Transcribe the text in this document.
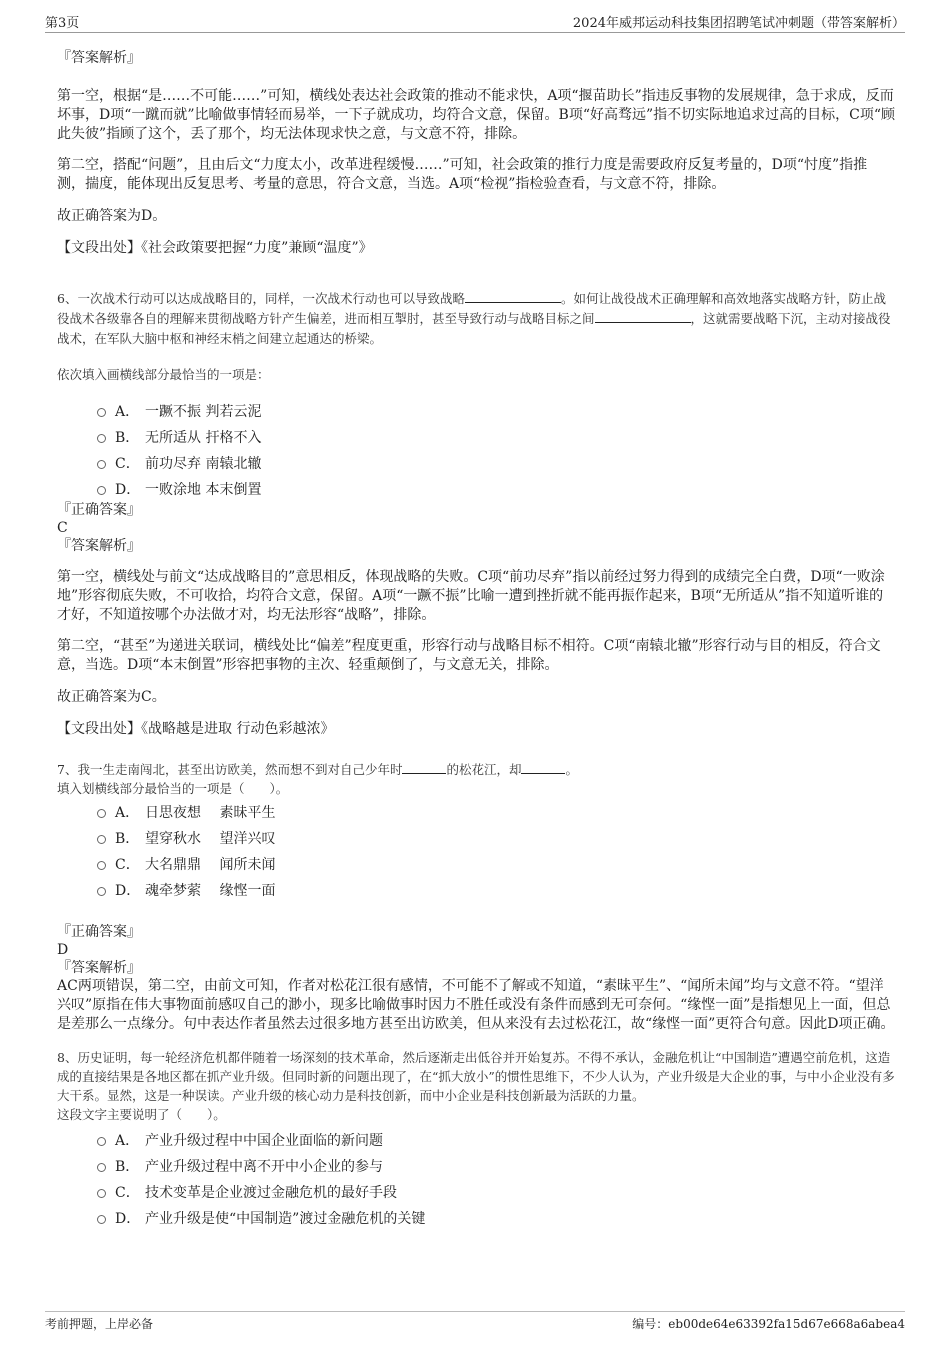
第3页	2024年威邦运动科技集团招聘笔试冲刺题（带答案解析）

『答案解析』

第一空，根据“是……不可能……”可知，横线处表达社会政策的推动不能求快，A项“揠苗助长”指违反事物的发展规律，急于求成，反而坏事，D项“一蹴而就”比喻做事情轻而易举，一下子就成功，均符合文意，保留。B项“好高骛远”指不切实际地追求过高的目标，C项“顾此失彼”指顾了这个，丢了那个，均无法体现求快之意，与文意不符，排除。

第二空，搭配“问题”，且由后文“力度太小，改革进程缓慢……”可知，社会政策的推行力度是需要政府反复考量的，D项“忖度”指推测，揣度，能体现出反复思考、考量的意思，符合文意，当选。A项“检视”指检验查看，与文意不符，排除。

故正确答案为D。

【文段出处】《社会政策要把握“力度”兼顾“温度”》

6、一次战术行动可以达成战略目的，同样，一次战术行动也可以导致战略	。如何让战役战术正确理解和高效地落实战略方针，防止战役战术各级靠各自的理解来贯彻战略方针产生偏差，进而相互掣肘，甚至导致行动与战略目标之间	，这就需要战略下沉，主动对接战役战术，在军队大脑中枢和神经末梢之间建立起通达的桥梁。

依次填入画横线部分最恰当的一项是：

A． 一蹶不振 判若云泥
B． 无所适从 扞格不入
C． 前功尽弃 南辕北辙
D． 一败涂地 本末倒置

『正确答案』

C

『答案解析』

第一空，横线处与前文“达成战略目的”意思相反，体现战略的失败。C项“前功尽弃”指以前经过努力得到的成绩完全白费，D项“一败涂地”形容彻底失败，不可收拾，均符合文意，保留。A项“一蹶不振”比喻一遭到挫折就不能再振作起来，B项“无所适从”指不知道听谁的才好，不知道按哪个办法做才对，均无法形容“战略”，排除。

第二空，“甚至”为递进关联词，横线处比“偏差”程度更重，形容行动与战略目标不相符。C项“南辕北辙”形容行动与目的相反，符合文意，当选。D项“本末倒置”形容把事物的主次、轻重颠倒了，与文意无关，排除。

故正确答案为C。

【文段出处】《战略越是进取 行动色彩越浓》

7、我一生走南闯北，甚至出访欧美，然而想不到对自己少年时	的松花江，却	。

填入划横线部分最恰当的一项是（　　）。

A． 日思夜想　 素昧平生
B． 望穿秋水　 望洋兴叹
C． 大名鼎鼎　 闻所未闻
D． 魂牵梦萦　 缘悭一面

『正确答案』

D

『答案解析』

AC两项错误，第二空，由前文可知，作者对松花江很有感情，不可能不了解或不知道，“素昧平生”、“闻所未闻”均与文意不符。“望洋兴叹”原指在伟大事物面前感叹自己的渺小，现多比喻做事时因力不胜任或没有条件而感到无可奈何。“缘悭一面”是指想见上一面，但总是差那么一点缘分。句中表达作者虽然去过很多地方甚至出访欧美，但从来没有去过松花江，故“缘悭一面”更符合句意。因此D项正确。

8、历史证明，每一轮经济危机都伴随着一场深刻的技术革命，然后逐渐走出低谷并开始复苏。不得不承认，金融危机让“中国制造”遭遇空前危机，这造成的直接结果是各地区都在抓产业升级。但同时新的问题出现了，在“抓大放小”的惯性思维下，不少人认为，产业升级是大企业的事，与中小企业没有多大干系。显然，这是一种误读。产业升级的核心动力是科技创新，而中小企业是科技创新最为活跃的力量。

这段文字主要说明了（　　）。

A． 产业升级过程中中国企业面临的新问题
B． 产业升级过程中离不开中小企业的参与
C． 技术变革是企业渡过金融危机的最好手段
D． 产业升级是使“中国制造”渡过金融危机的关键
考前押题，上岸必备	编号：eb00de64e63392fa15d67e668a6abea4
